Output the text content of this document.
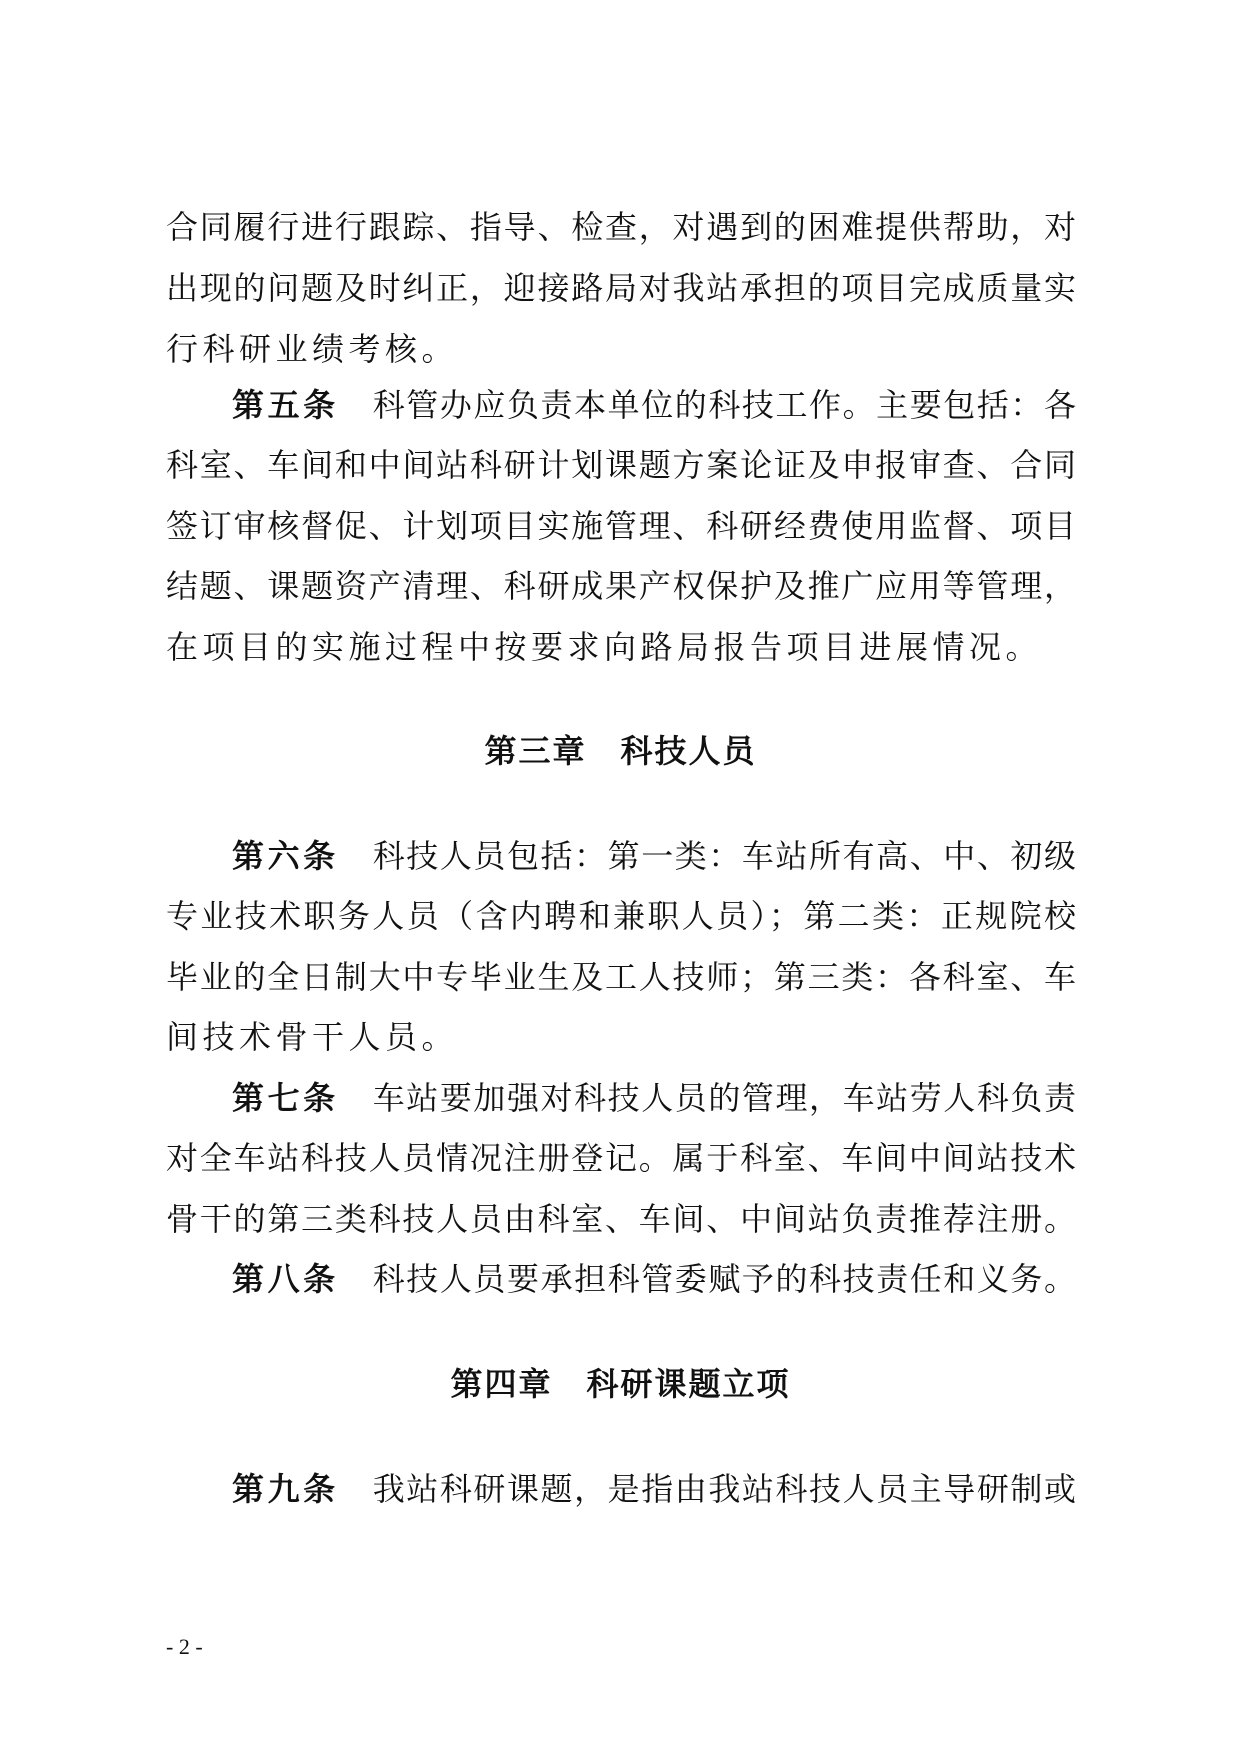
合同履行进行跟踪、指导、检查，对遇到的困难提供帮助，对
出现的问题及时纠正，迎接路局对我站承担的项目完成质量实
行科研业绩考核。
第五条 科管办应负责本单位的科技工作。主要包括：各
科室、车间和中间站科研计划课题方案论证及申报审查、合同
签订审核督促、计划项目实施管理、科研经费使用监督、项目
结题、课题资产清理、科研成果产权保护及推广应用等管理，
在项目的实施过程中按要求向路局报告项目进展情况。
第三章 科技人员
第六条 科技人员包括：第一类：车站所有高、中、初级
专业技术职务人员（含内聘和兼职人员）；第二类：正规院校
毕业的全日制大中专毕业生及工人技师；第三类：各科室、车
间技术骨干人员。
第七条 车站要加强对科技人员的管理，车站劳人科负责
对全车站科技人员情况注册登记。属于科室、车间中间站技术
骨干的第三类科技人员由科室、车间、中间站负责推荐注册。
第八条 科技人员要承担科管委赋予的科技责任和义务。
第四章 科研课题立项
第九条 我站科研课题，是指由我站科技人员主导研制或
- 2 -
